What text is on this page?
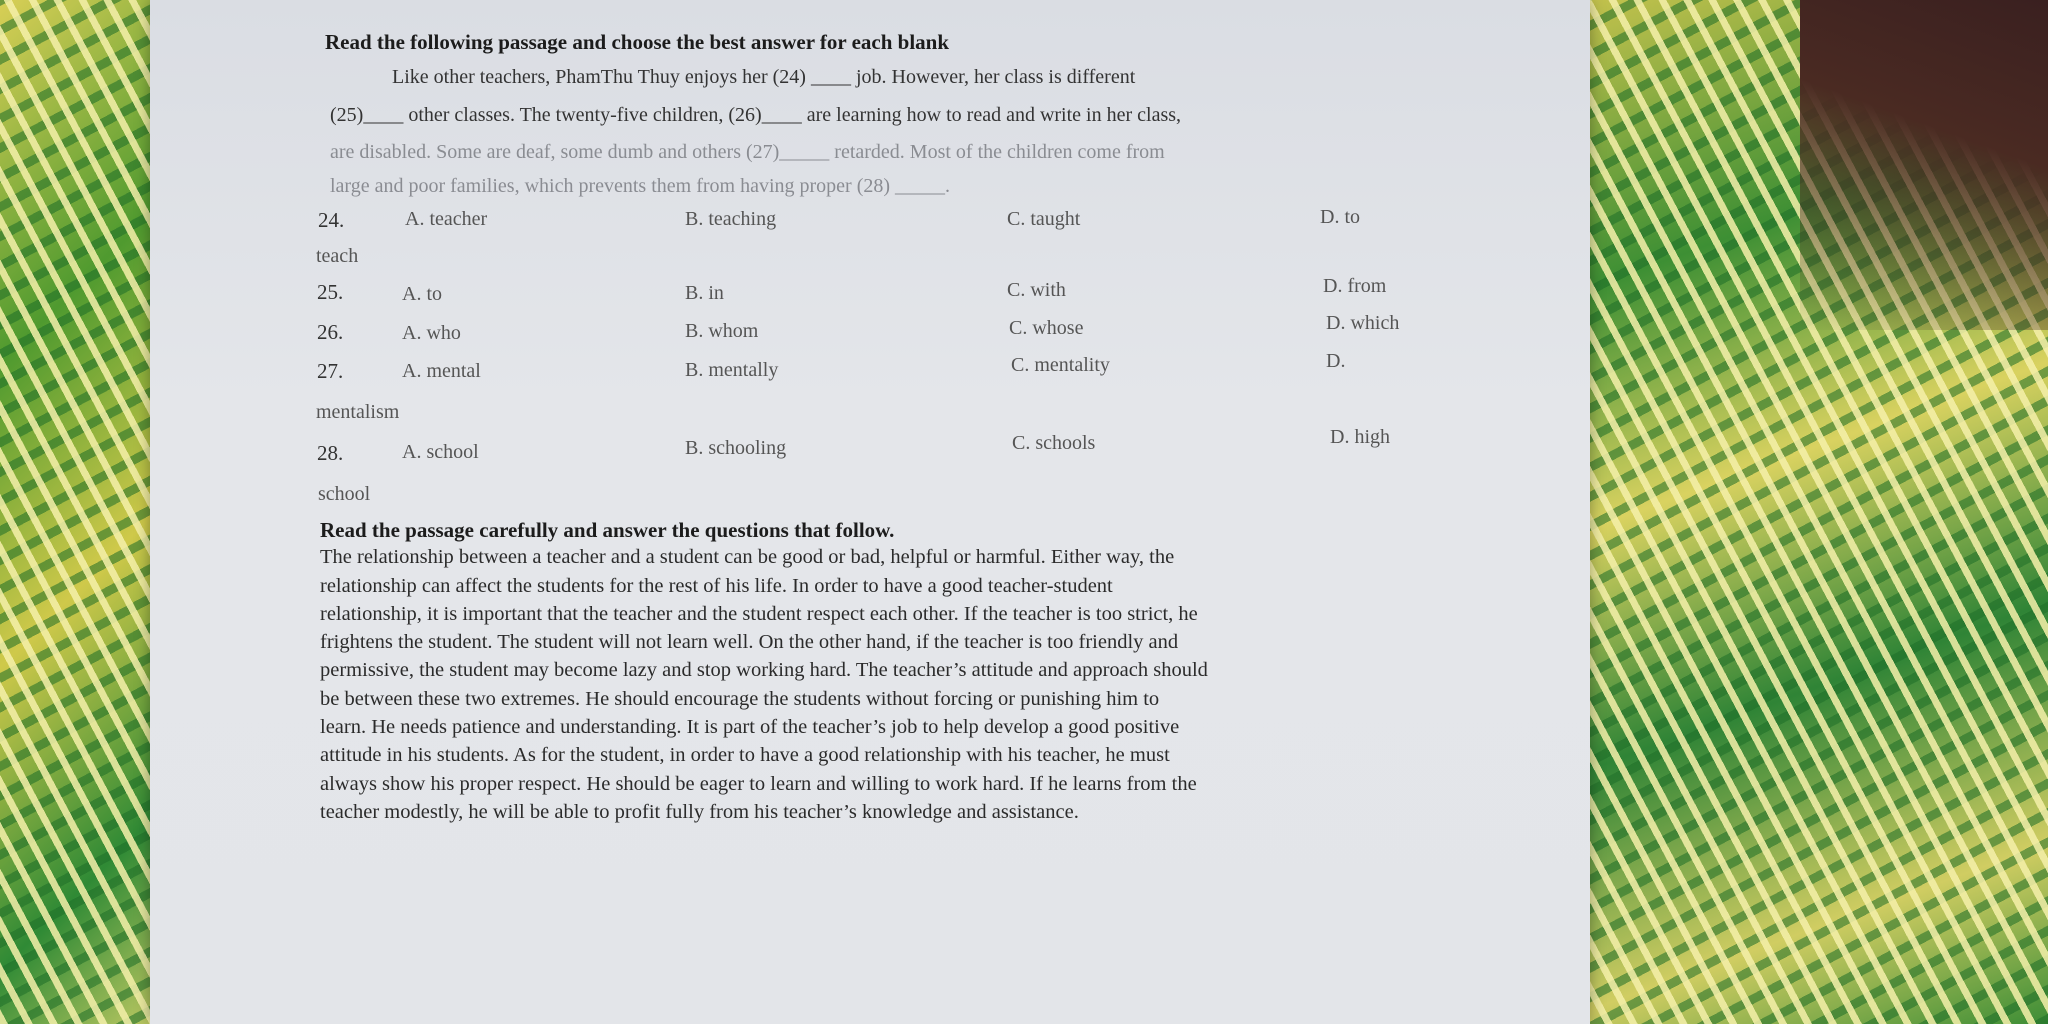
Read the following passage and choose the best answer for each blank
Like other teachers, PhamThu Thuy enjoys her (24) ____ job. However, her class is different
(25)____ other classes. The twenty-five children, (26)____ are learning how to read and write in her class,
are disabled. Some are deaf, some dumb and others (27)_____ retarded. Most of the children come from
large and poor families, which prevents them from having proper (28) _____.
24.	A. teacher	B. teaching	C. taught	D. to
teach
25.	A. to	B. in	C. with	D. from
26.	A. who	B. whom	C. whose	D. which
27.	A. mental	B. mentally	C. mentality	D.
mentalism
28.	A. school	B. schooling	C. schools	D. high
school
Read the passage carefully and answer the questions that follow.
The relationship between a teacher and a student can be good or bad, helpful or harmful. Either way, the
relationship can affect the students for the rest of his life. In order to have a good teacher-student
relationship, it is important that the teacher and the student respect each other. If the teacher is too strict, he
frightens the student. The student will not learn well. On the other hand, if the teacher is too friendly and
permissive, the student may become lazy and stop working hard. The teacher’s attitude and approach should
be between these two extremes. He should encourage the students without forcing or punishing him to
learn. He needs patience and understanding. It is part of the teacher’s job to help develop a good positive
attitude in his students. As for the student, in order to have a good relationship with his teacher, he must
always show his proper respect. He should be eager to learn and willing to work hard. If he learns from the
teacher modestly, he will be able to profit fully from his teacher’s knowledge and assistance.
